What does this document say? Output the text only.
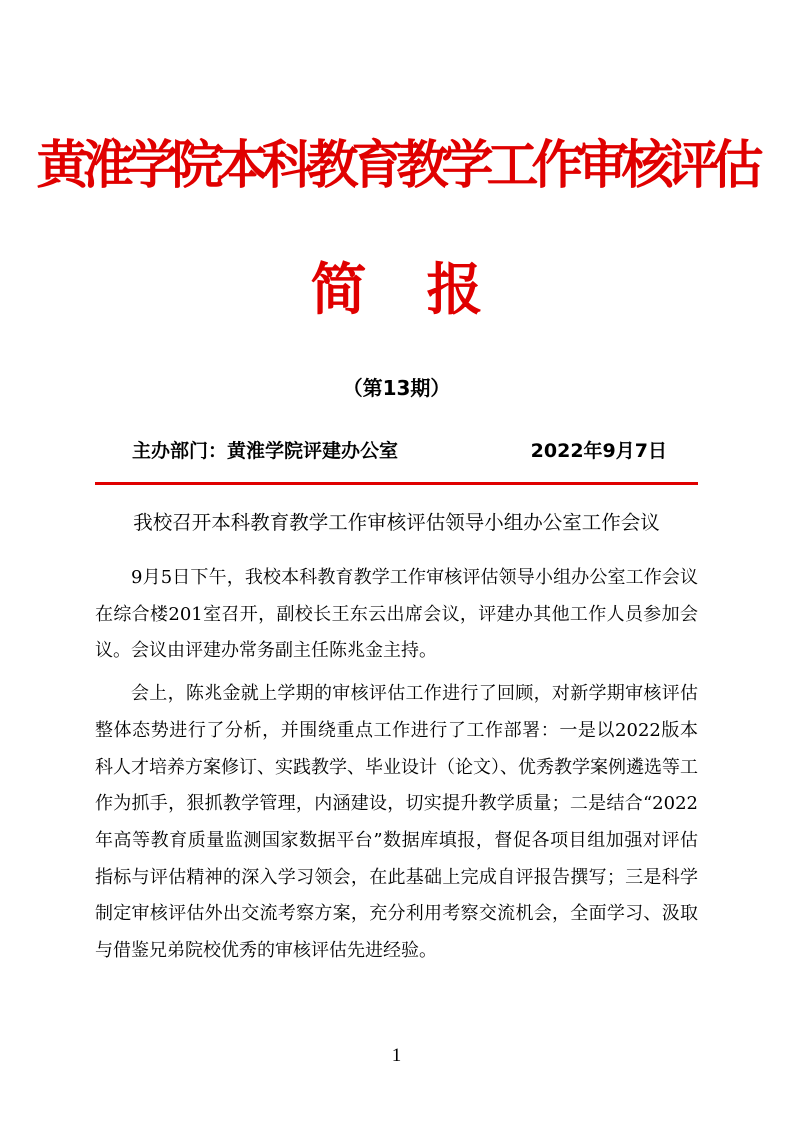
黄淮学院本科教育教学工作审核评估
简 报
（第13期）
主办部门：黄淮学院评建办公室	2022年9月7日
我校召开本科教育教学工作审核评估领导小组办公室工作会议

9月5日下午，我校本科教育教学工作审核评估领导小组办公室工作会议在综合楼201室召开，副校长王东云出席会议，评建办其他工作人员参加会议。会议由评建办常务副主任陈兆金主持。

会上，陈兆金就上学期的审核评估工作进行了回顾，对新学期审核评估整体态势进行了分析，并围绕重点工作进行了工作部署：一是以2022版本科人才培养方案修订、实践教学、毕业设计（论文）、优秀教学案例遴选等工作为抓手，狠抓教学管理，内涵建设，切实提升教学质量；二是结合“2022年高等教育质量监测国家数据平台”数据库填报，督促各项目组加强对评估指标与评估精神的深入学习领会，在此基础上完成自评报告撰写；三是科学制定审核评估外出交流考察方案，充分利用考察交流机会，全面学习、汲取与借鉴兄弟院校优秀的审核评估先进经验。

1
